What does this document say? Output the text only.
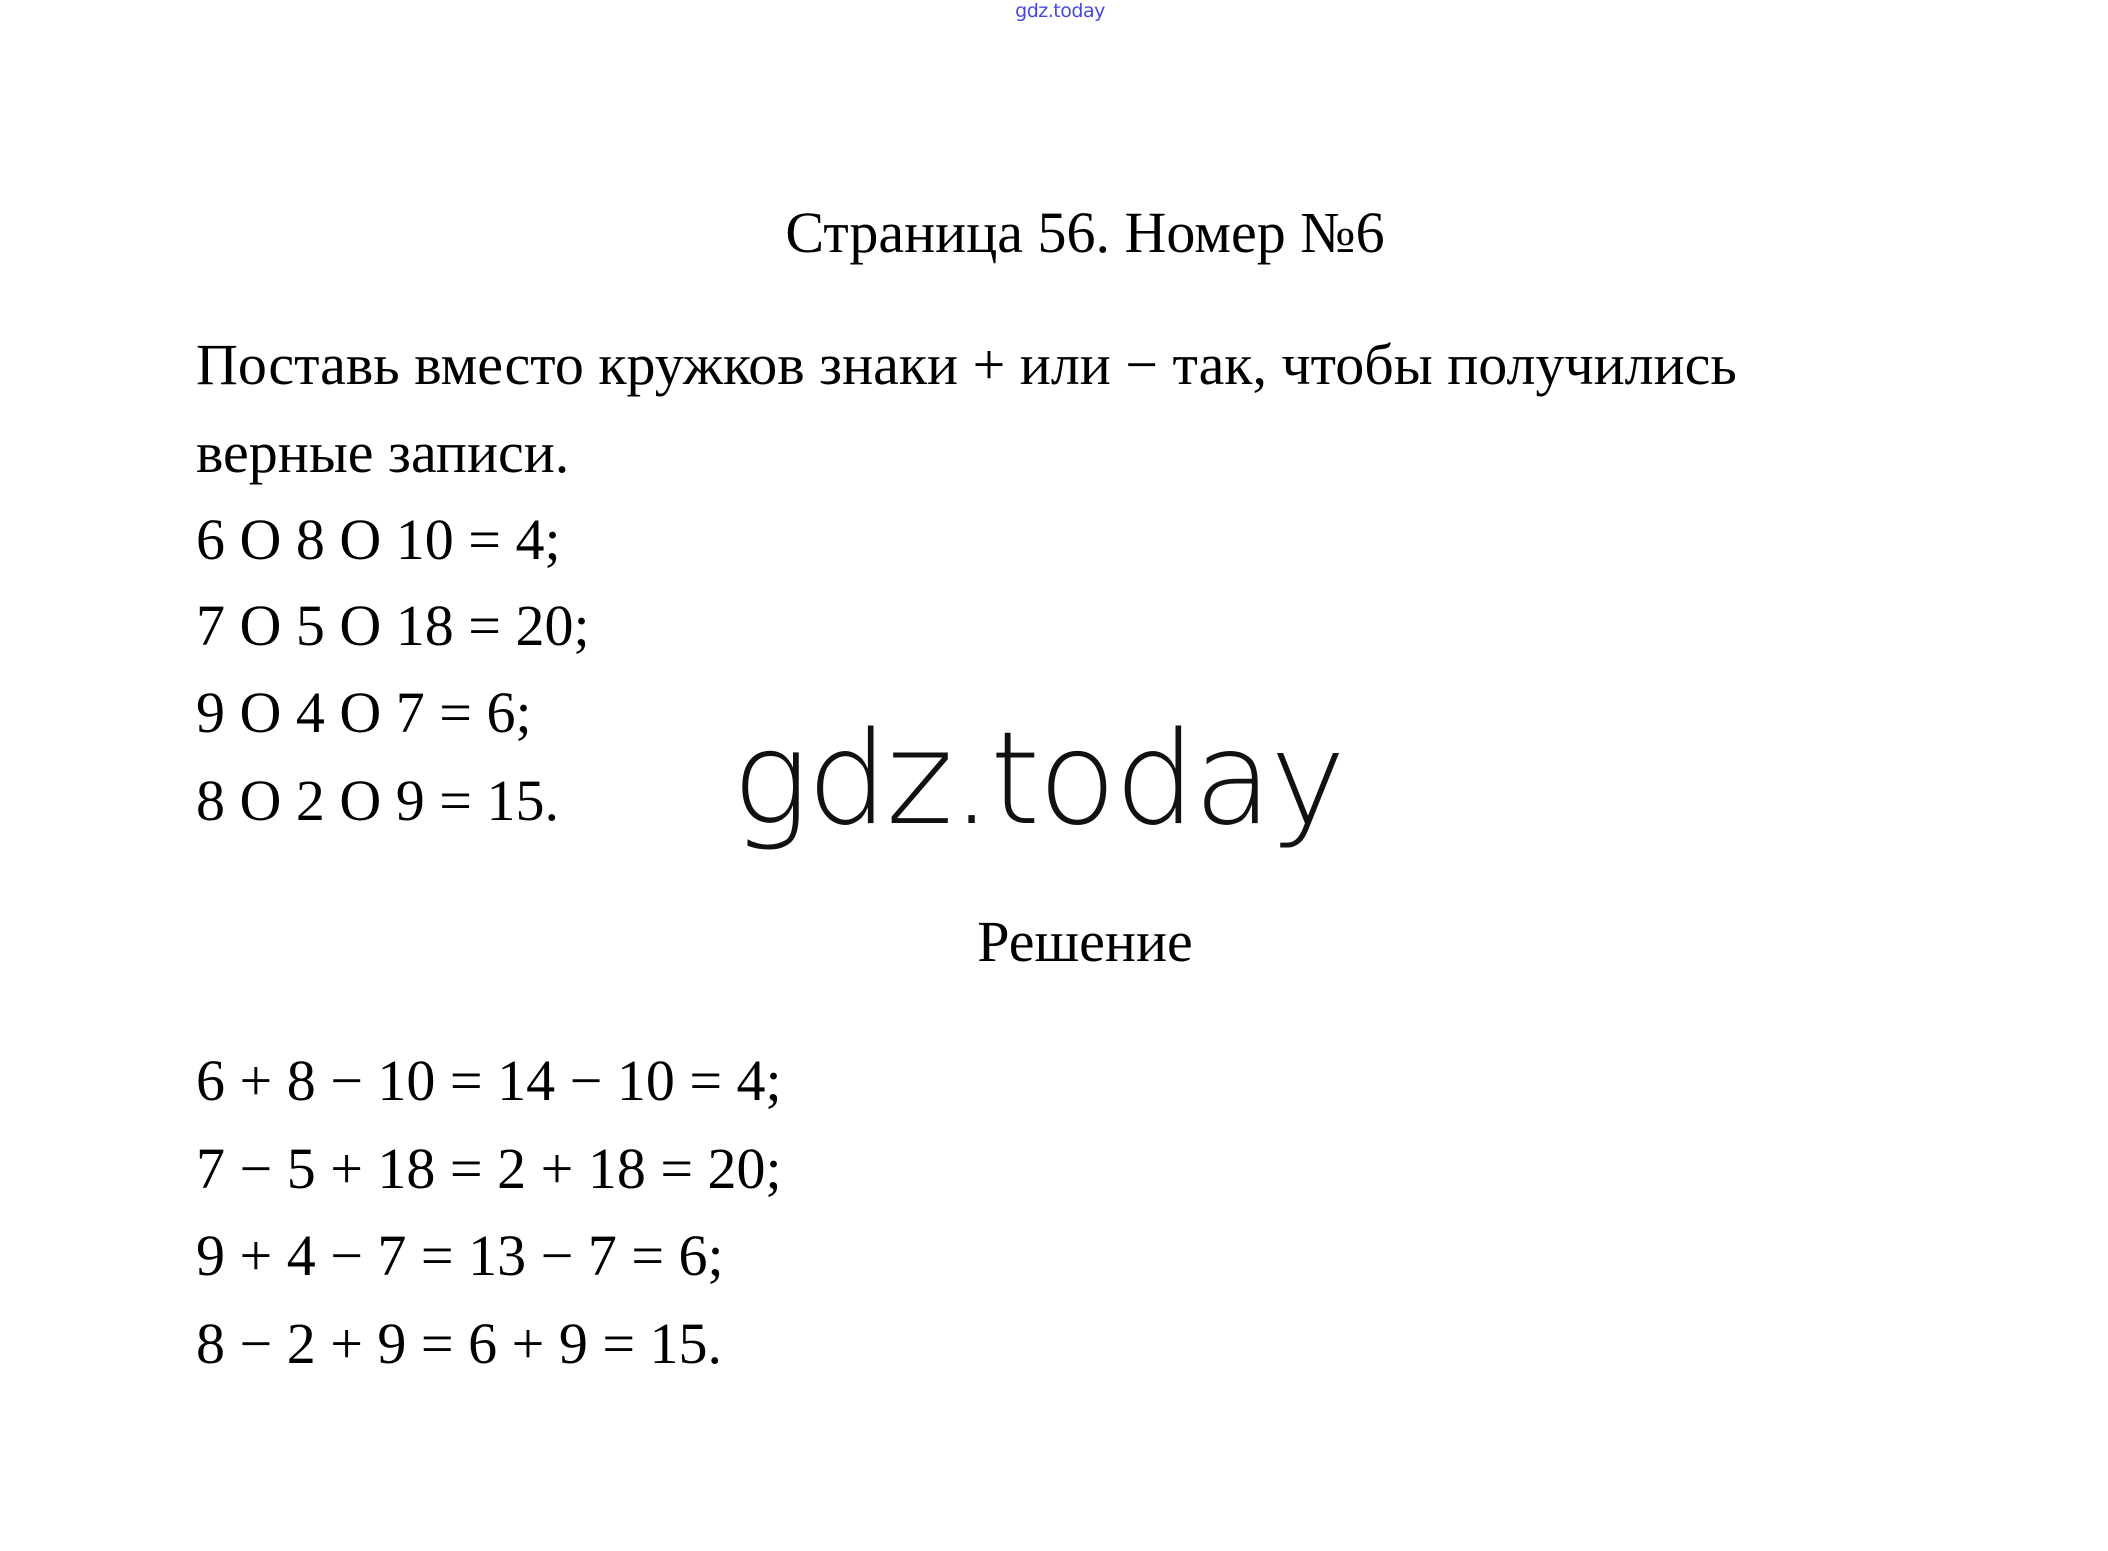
gdz.today
Страница 56. Номер №6
Поставь вместо кружков знаки + или − так, чтобы получились
верные записи.
6 O 8 O 10 = 4;
7 O 5 O 18 = 20;
9 O 4 O 7 = 6;
8 O 2 O 9 = 15. gdz.today
Решение
6 + 8 − 10 = 14 − 10 = 4;
7 − 5 + 18 = 2 + 18 = 20;
9 + 4 − 7 = 13 − 7 = 6;
8 − 2 + 9 = 6 + 9 = 15.
